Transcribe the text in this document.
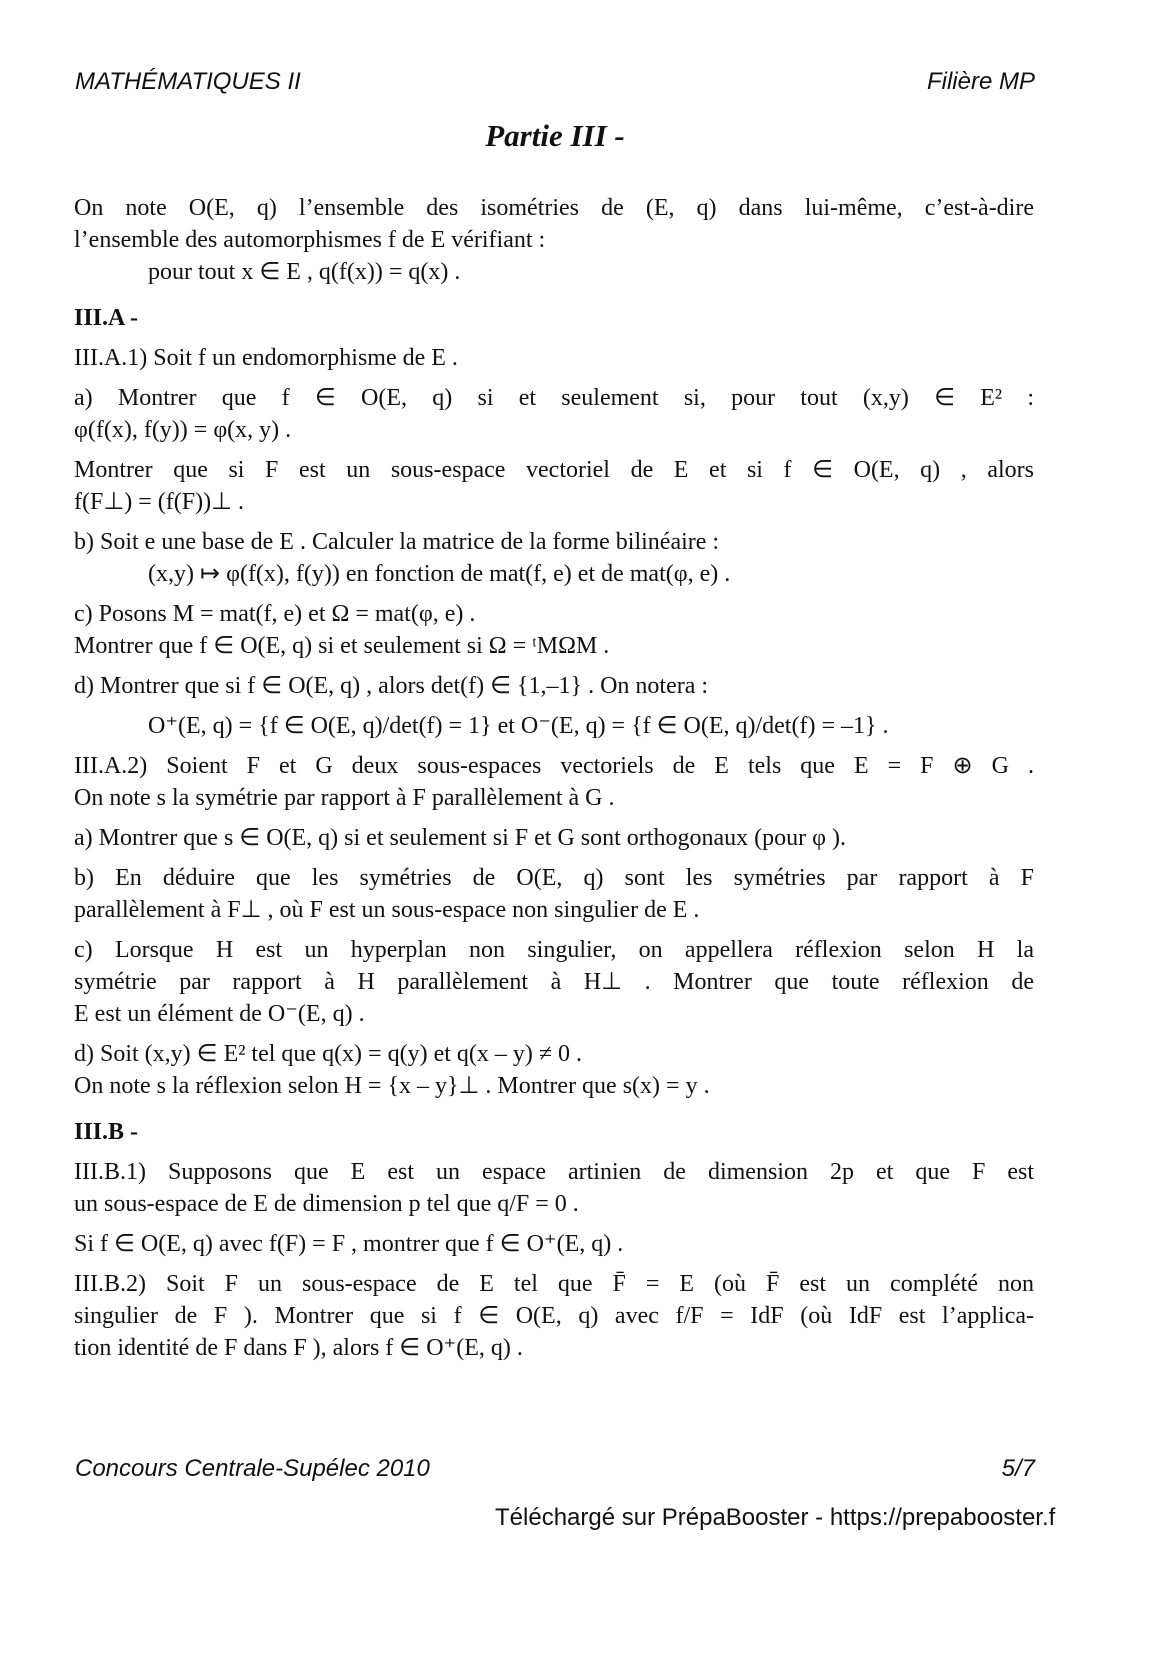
MATHÉMATIQUES II	Filière MP
Partie III -

On note O(E, q) l’ensemble des isométries de (E, q) dans lui-même, c’est-à-dire

l’ensemble des automorphismes f de E vérifiant :

pour tout x ∈ E , q(f(x)) = q(x) .

III.A -

III.A.1) Soit f un endomorphisme de E .

a) Montrer que f ∈ O(E, q) si et seulement si, pour tout (x,y) ∈ E² :

φ(f(x), f(y)) = φ(x, y) .

Montrer que si F est un sous-espace vectoriel de E et si f ∈ O(E, q) , alors

f(F⊥) = (f(F))⊥ .

b) Soit e une base de E . Calculer la matrice de la forme bilinéaire :

(x,y) ↦ φ(f(x), f(y)) en fonction de mat(f, e) et de mat(φ, e) .

c) Posons M = mat(f, e) et Ω = mat(φ, e) .

Montrer que f ∈ O(E, q) si et seulement si Ω = ᵗMΩM .

d) Montrer que si f ∈ O(E, q) , alors det(f) ∈ {1,–1} . On notera :

O⁺(E, q) = {f ∈ O(E, q)/det(f) = 1} et O⁻(E, q) = {f ∈ O(E, q)/det(f) = –1} .

III.A.2) Soient F et G deux sous-espaces vectoriels de E tels que E = F ⊕ G .

On note s la symétrie par rapport à F parallèlement à G .

a) Montrer que s ∈ O(E, q) si et seulement si F et G sont orthogonaux (pour φ ).

b) En déduire que les symétries de O(E, q) sont les symétries par rapport à F

parallèlement à F⊥ , où F est un sous-espace non singulier de E .

c) Lorsque H est un hyperplan non singulier, on appellera réflexion selon H la

symétrie par rapport à H parallèlement à H⊥ . Montrer que toute réflexion de

E est un élément de O⁻(E, q) .

d) Soit (x,y) ∈ E² tel que q(x) = q(y) et q(x – y) ≠ 0 .

On note s la réflexion selon H = {x – y}⊥ . Montrer que s(x) = y .

III.B -

III.B.1) Supposons que E est un espace artinien de dimension 2p et que F est

un sous-espace de E de dimension p tel que q/F = 0 .

Si f ∈ O(E, q) avec f(F) = F , montrer que f ∈ O⁺(E, q) .

III.B.2) Soit F un sous-espace de E tel que F̄ = E (où F̄ est un complété non

singulier de F ). Montrer que si f ∈ O(E, q) avec f/F = IdF (où IdF est l’applica-

tion identité de F dans F ), alors f ∈ O⁺(E, q) .

Concours Centrale-Supélec 2010	5/7
Téléchargé sur PrépaBooster - https://prepabooster.f
